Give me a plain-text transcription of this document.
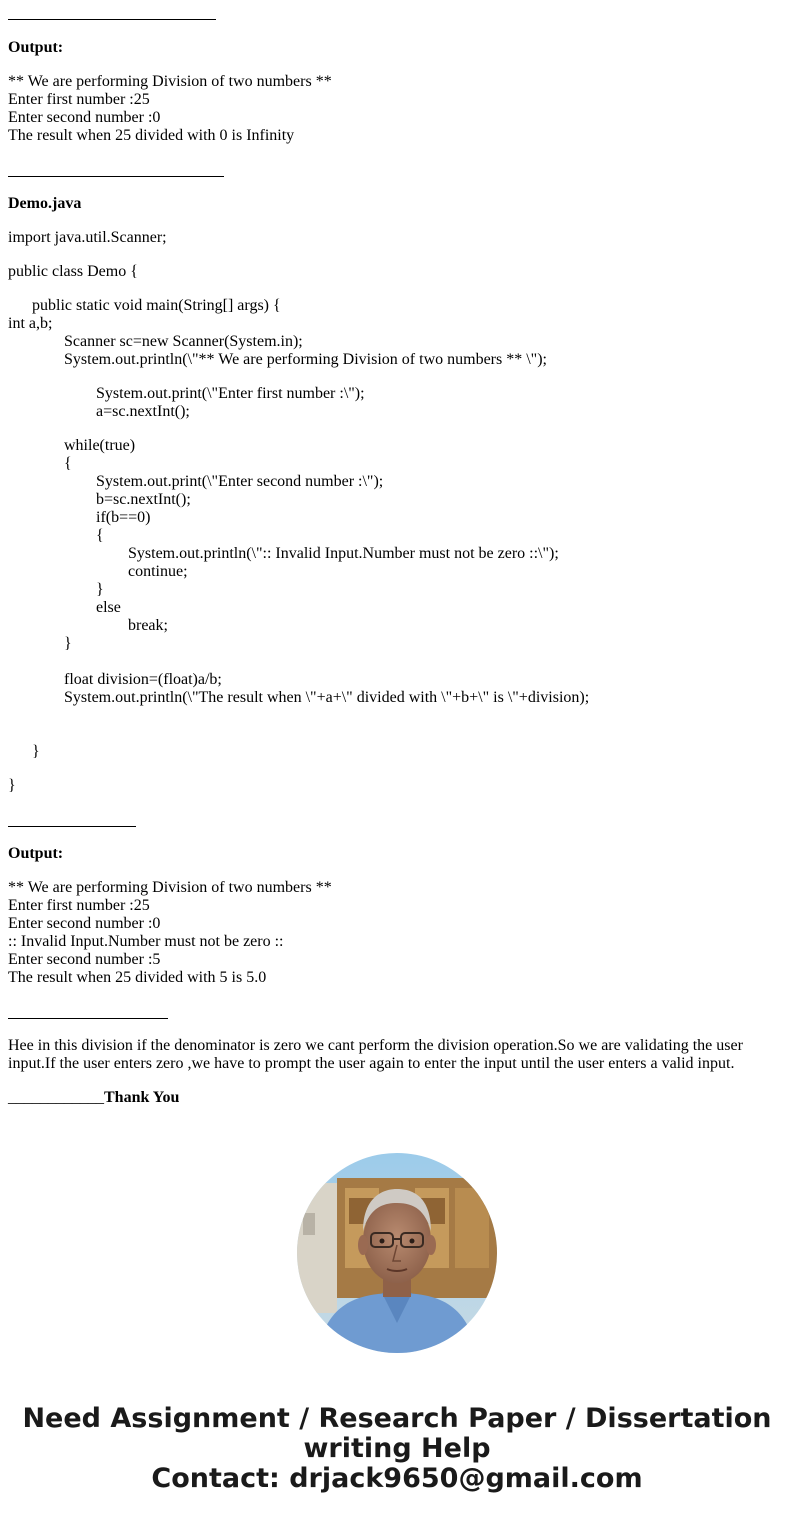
Output:
** We are performing Division of two numbers **
Enter first number :25
Enter second number :0
The result when 25 divided with 0 is Infinity
Demo.java
import java.util.Scanner;
public class Demo {
public static void main(String[] args) {
int a,b;
Scanner sc=new Scanner(System.in);
System.out.println(\"** We are performing Division of two numbers ** \");
System.out.print(\"Enter first number :\");
a=sc.nextInt();
while(true)
{
System.out.print(\"Enter second number :\");
b=sc.nextInt();
if(b==0)
{
System.out.println(\":: Invalid Input.Number must not be zero ::\");
continue;
}
else
break;
}
float division=(float)a/b;
System.out.println(\"The result when \"+a+\" divided with \"+b+\" is \"+division);
}
}
Output:
** We are performing Division of two numbers **
Enter first number :25
Enter second number :0
:: Invalid Input.Number must not be zero ::
Enter second number :5
The result when 25 divided with 5 is 5.0
Hee in this division if the denominator is zero we cant perform the division operation.So we are validating the user input.If the user enters zero ,we have to prompt the user again to enter the input until the user enters a valid input.
____________Thank You
Need Assignment / Research Paper / Dissertation
writing Help
Contact: drjack9650@gmail.com
